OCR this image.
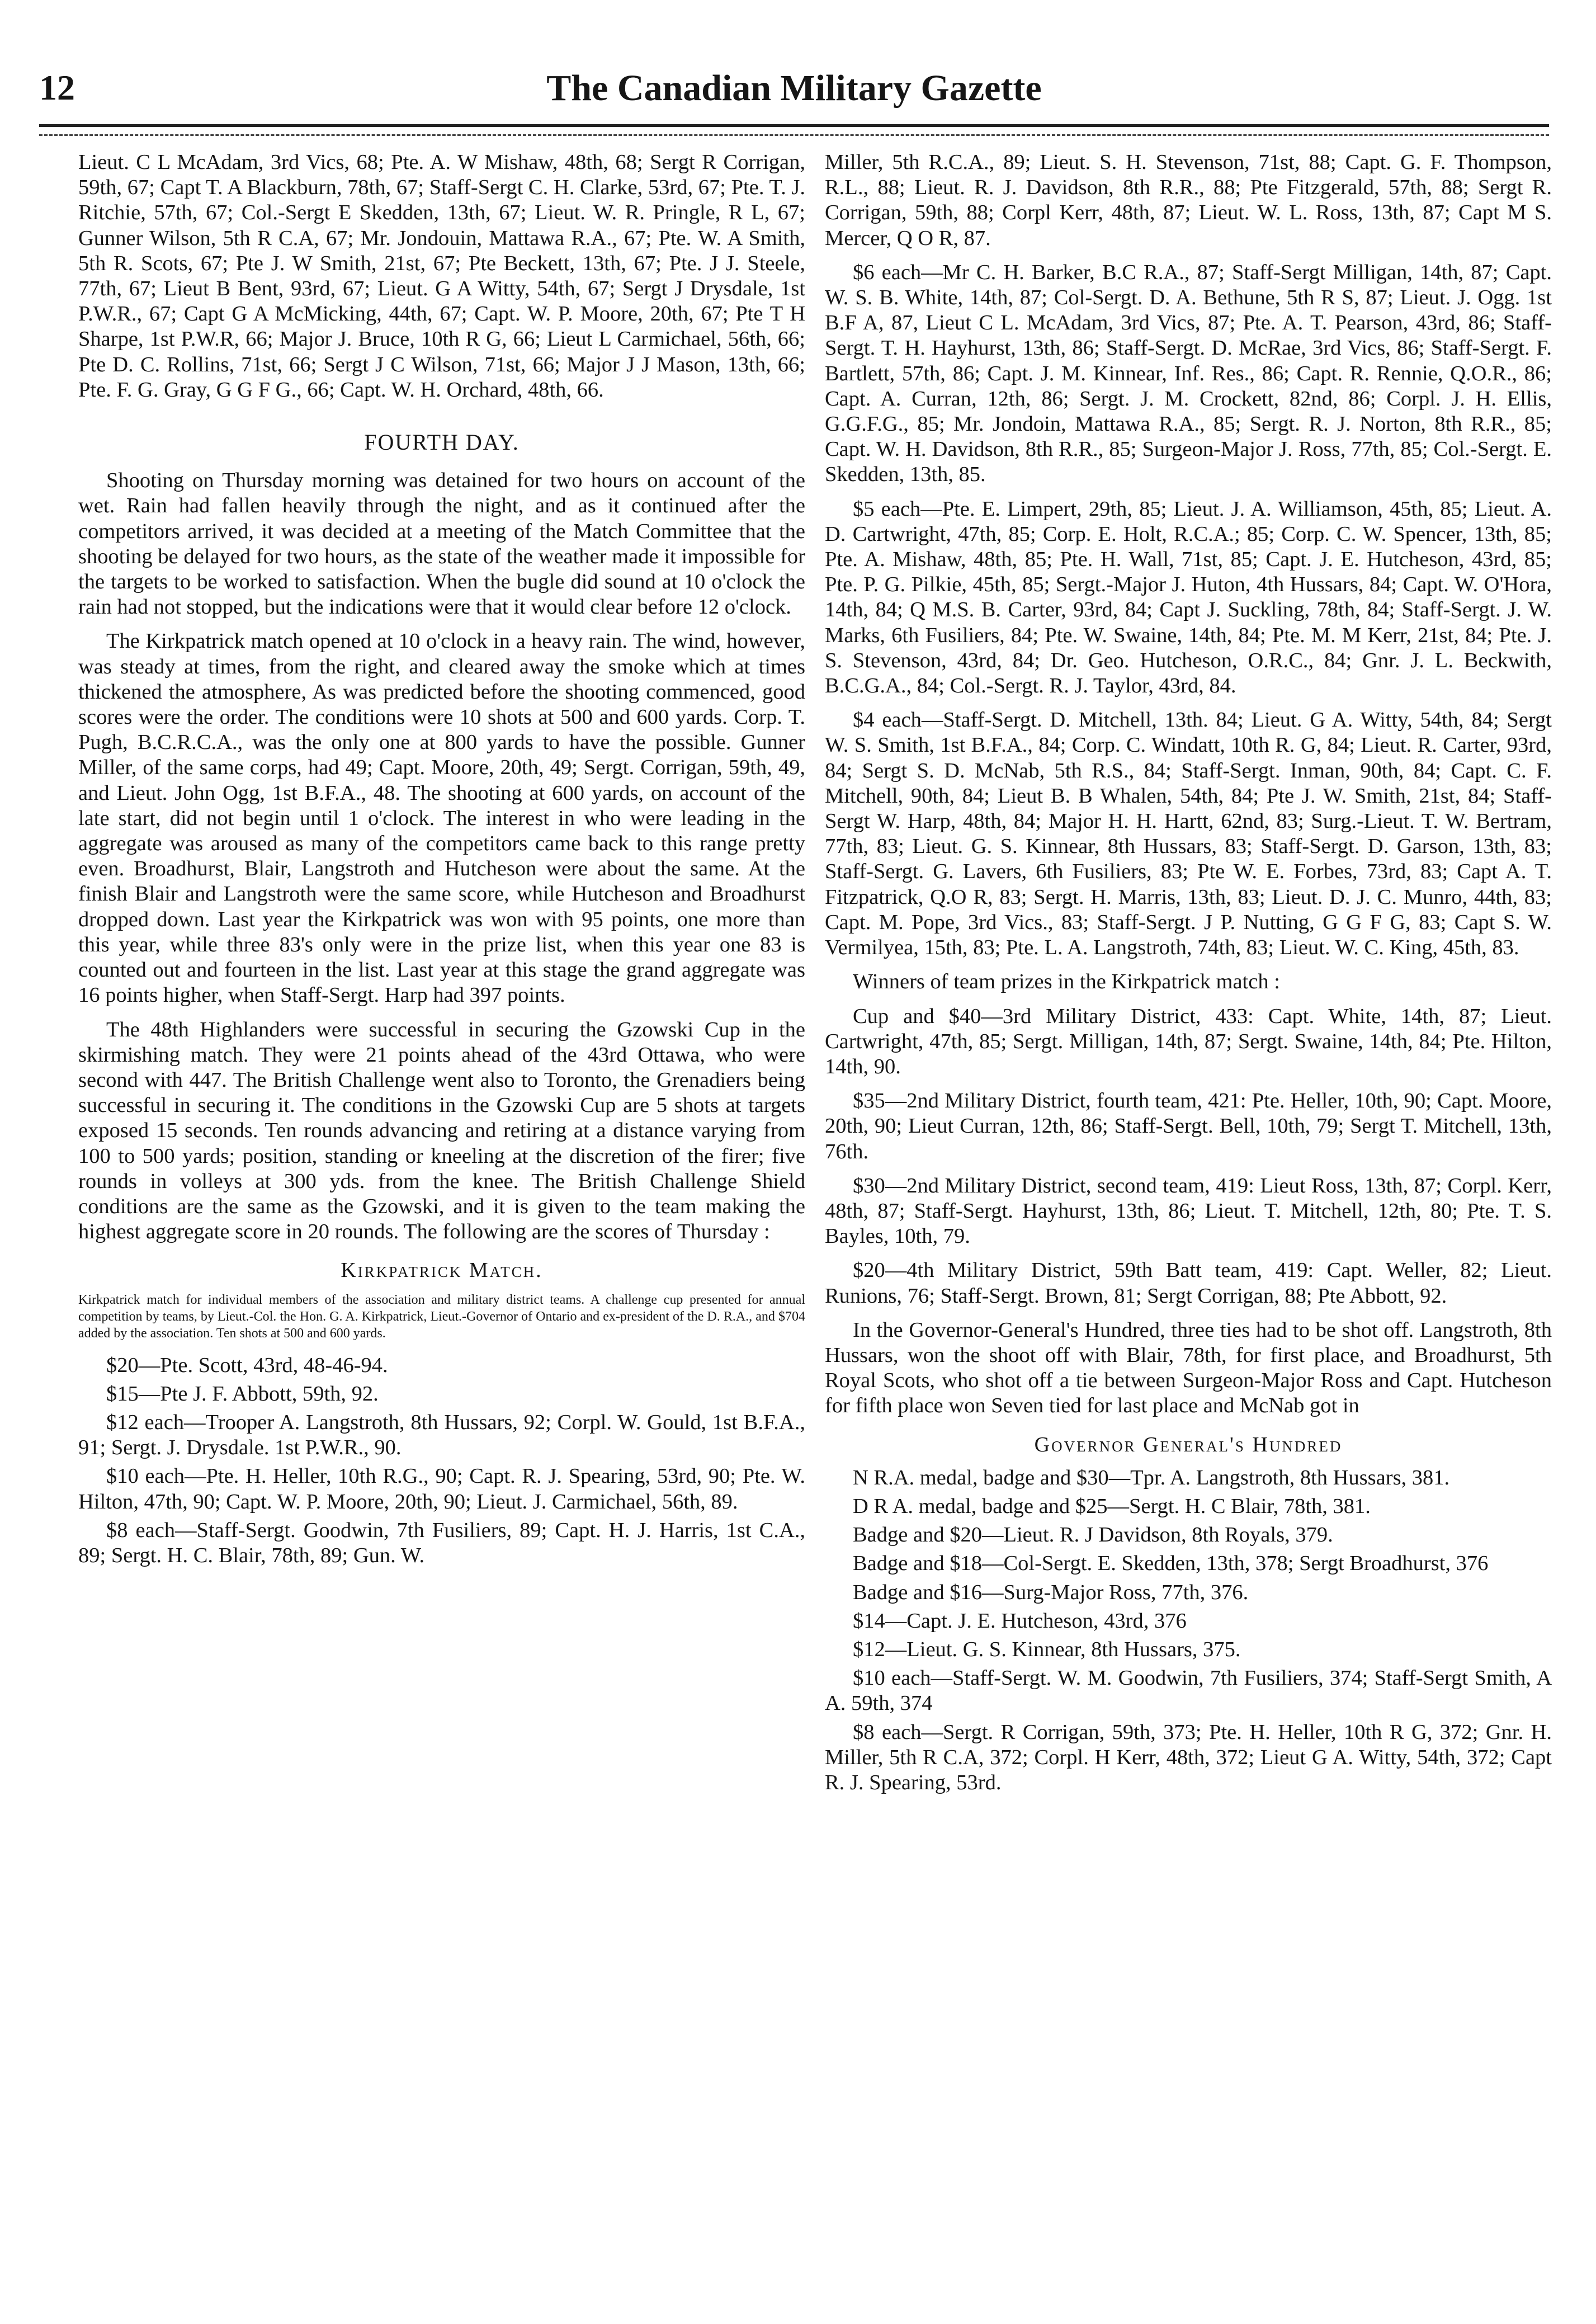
12	The Canadian Military Gazette

Lieut. C L McAdam, 3rd Vics, 68; Pte. A. W Mishaw, 48th, 68; Sergt R Corrigan, 59th, 67; Capt T. A Blackburn, 78th, 67; Staff-Sergt C. H. Clarke, 53rd, 67; Pte. T. J. Ritchie, 57th, 67; Col.-Sergt E Skedden, 13th, 67; Lieut. W. R. Pringle, R L, 67; Gunner Wilson, 5th R C.A, 67; Mr. Jondouin, Mattawa R.A., 67; Pte. W. A Smith, 5th R. Scots, 67; Pte J. W Smith, 21st, 67; Pte Beckett, 13th, 67; Pte. J J. Steele, 77th, 67; Lieut B Bent, 93rd, 67; Lieut. G A Witty, 54th, 67; Sergt J Drysdale, 1st P.W.R., 67; Capt G A McMicking, 44th, 67; Capt. W. P. Moore, 20th, 67; Pte T H Sharpe, 1st P.W.R, 66; Major J. Bruce, 10th R G, 66; Lieut L Carmichael, 56th, 66; Pte D. C. Rollins, 71st, 66; Sergt J C Wilson, 71st, 66; Major J J Mason, 13th, 66; Pte. F. G. Gray, G G F G., 66; Capt. W. H. Orchard, 48th, 66.

FOURTH DAY.

Shooting on Thursday morning was detained for two hours on account of the wet. Rain had fallen heavily through the night, and as it continued after the competitors arrived, it was decided at a meeting of the Match Committee that the shooting be delayed for two hours, as the state of the weather made it impossible for the targets to be worked to satisfaction. When the bugle did sound at 10 o'clock the rain had not stopped, but the indications were that it would clear before 12 o'clock.

The Kirkpatrick match opened at 10 o'clock in a heavy rain. The wind, however, was steady at times, from the right, and cleared away the smoke which at times thickened the atmosphere, As was predicted before the shooting commenced, good scores were the order. The conditions were 10 shots at 500 and 600 yards. Corp. T. Pugh, B.C.R.C.A., was the only one at 800 yards to have the possible. Gunner Miller, of the same corps, had 49; Capt. Moore, 20th, 49; Sergt. Corrigan, 59th, 49, and Lieut. John Ogg, 1st B.F.A., 48. The shooting at 600 yards, on account of the late start, did not begin until 1 o'clock. The interest in who were leading in the aggregate was aroused as many of the competitors came back to this range pretty even. Broadhurst, Blair, Langstroth and Hutcheson were about the same. At the finish Blair and Langstroth were the same score, while Hutcheson and Broadhurst dropped down. Last year the Kirkpatrick was won with 95 points, one more than this year, while three 83's only were in the prize list, when this year one 83 is counted out and fourteen in the list. Last year at this stage the grand aggregate was 16 points higher, when Staff-Sergt. Harp had 397 points.

The 48th Highlanders were successful in securing the Gzowski Cup in the skirmishing match. They were 21 points ahead of the 43rd Ottawa, who were second with 447. The British Challenge went also to Toronto, the Grenadiers being successful in securing it. The conditions in the Gzowski Cup are 5 shots at targets exposed 15 seconds. Ten rounds advancing and retiring at a distance varying from 100 to 500 yards; position, standing or kneeling at the discretion of the firer; five rounds in volleys at 300 yds. from the knee. The British Challenge Shield conditions are the same as the Gzowski, and it is given to the team making the highest aggregate score in 20 rounds. The following are the scores of Thursday :

Kirkpatrick Match.

Kirkpatrick match for individual members of the association and military district teams. A challenge cup presented for annual competition by teams, by Lieut.-Col. the Hon. G. A. Kirkpatrick, Lieut.-Governor of Ontario and ex-president of the D. R.A., and $704 added by the association. Ten shots at 500 and 600 yards.

$20—Pte. Scott, 43rd, 48-46-94.

$15—Pte J. F. Abbott, 59th, 92.

$12 each—Trooper A. Langstroth, 8th Hussars, 92; Corpl. W. Gould, 1st B.F.A., 91; Sergt. J. Drysdale. 1st P.W.R., 90.

$10 each—Pte. H. Heller, 10th R.G., 90; Capt. R. J. Spearing, 53rd, 90; Pte. W. Hilton, 47th, 90; Capt. W. P. Moore, 20th, 90; Lieut. J. Carmichael, 56th, 89.

$8 each—Staff-Sergt. Goodwin, 7th Fusiliers, 89; Capt. H. J. Harris, 1st C.A., 89; Sergt. H. C. Blair, 78th, 89; Gun. W.

Miller, 5th R.C.A., 89; Lieut. S. H. Stevenson, 71st, 88; Capt. G. F. Thompson, R.L., 88; Lieut. R. J. Davidson, 8th R.R., 88; Pte Fitzgerald, 57th, 88; Sergt R. Corrigan, 59th, 88; Corpl Kerr, 48th, 87; Lieut. W. L. Ross, 13th, 87; Capt M S. Mercer, Q O R, 87.

$6 each—Mr C. H. Barker, B.C R.A., 87; Staff-Sergt Milligan, 14th, 87; Capt. W. S. B. White, 14th, 87; Col-Sergt. D. A. Bethune, 5th R S, 87; Lieut. J. Ogg. 1st B.F A, 87, Lieut C L. McAdam, 3rd Vics, 87; Pte. A. T. Pearson, 43rd, 86; Staff-Sergt. T. H. Hayhurst, 13th, 86; Staff-Sergt. D. McRae, 3rd Vics, 86; Staff-Sergt. F. Bartlett, 57th, 86; Capt. J. M. Kinnear, Inf. Res., 86; Capt. R. Rennie, Q.O.R., 86; Capt. A. Curran, 12th, 86; Sergt. J. M. Crockett, 82nd, 86; Corpl. J. H. Ellis, G.G.F.G., 85; Mr. Jondoin, Mattawa R.A., 85; Sergt. R. J. Norton, 8th R.R., 85; Capt. W. H. Davidson, 8th R.R., 85; Surgeon-Major J. Ross, 77th, 85; Col.-Sergt. E. Skedden, 13th, 85.

$5 each—Pte. E. Limpert, 29th, 85; Lieut. J. A. Williamson, 45th, 85; Lieut. A. D. Cartwright, 47th, 85; Corp. E. Holt, R.C.A.; 85; Corp. C. W. Spencer, 13th, 85; Pte. A. Mishaw, 48th, 85; Pte. H. Wall, 71st, 85; Capt. J. E. Hutcheson, 43rd, 85; Pte. P. G. Pilkie, 45th, 85; Sergt.-Major J. Huton, 4th Hussars, 84; Capt. W. O'Hora, 14th, 84; Q M.S. B. Carter, 93rd, 84; Capt J. Suckling, 78th, 84; Staff-Sergt. J. W. Marks, 6th Fusiliers, 84; Pte. W. Swaine, 14th, 84; Pte. M. M Kerr, 21st, 84; Pte. J. S. Stevenson, 43rd, 84; Dr. Geo. Hutcheson, O.R.C., 84; Gnr. J. L. Beckwith, B.C.G.A., 84; Col.-Sergt. R. J. Taylor, 43rd, 84.

$4 each—Staff-Sergt. D. Mitchell, 13th. 84; Lieut. G A. Witty, 54th, 84; Sergt W. S. Smith, 1st B.F.A., 84; Corp. C. Windatt, 10th R. G, 84; Lieut. R. Carter, 93rd, 84; Sergt S. D. McNab, 5th R.S., 84; Staff-Sergt. Inman, 90th, 84; Capt. C. F. Mitchell, 90th, 84; Lieut B. B Whalen, 54th, 84; Pte J. W. Smith, 21st, 84; Staff-Sergt W. Harp, 48th, 84; Major H. H. Hartt, 62nd, 83; Surg.-Lieut. T. W. Bertram, 77th, 83; Lieut. G. S. Kinnear, 8th Hussars, 83; Staff-Sergt. D. Garson, 13th, 83; Staff-Sergt. G. Lavers, 6th Fusiliers, 83; Pte W. E. Forbes, 73rd, 83; Capt A. T. Fitzpatrick, Q.O R, 83; Sergt. H. Marris, 13th, 83; Lieut. D. J. C. Munro, 44th, 83; Capt. M. Pope, 3rd Vics., 83; Staff-Sergt. J P. Nutting, G G F G, 83; Capt S. W. Vermilyea, 15th, 83; Pte. L. A. Langstroth, 74th, 83; Lieut. W. C. King, 45th, 83.

Winners of team prizes in the Kirkpatrick match :

Cup and $40—3rd Military District, 433: Capt. White, 14th, 87; Lieut. Cartwright, 47th, 85; Sergt. Milligan, 14th, 87; Sergt. Swaine, 14th, 84; Pte. Hilton, 14th, 90.

$35—2nd Military District, fourth team, 421: Pte. Heller, 10th, 90; Capt. Moore, 20th, 90; Lieut Curran, 12th, 86; Staff-Sergt. Bell, 10th, 79; Sergt T. Mitchell, 13th, 76th.

$30—2nd Military District, second team, 419: Lieut Ross, 13th, 87; Corpl. Kerr, 48th, 87; Staff-Sergt. Hayhurst, 13th, 86; Lieut. T. Mitchell, 12th, 80; Pte. T. S. Bayles, 10th, 79.

$20—4th Military District, 59th Batt team, 419: Capt. Weller, 82; Lieut. Runions, 76; Staff-Sergt. Brown, 81; Sergt Corrigan, 88; Pte Abbott, 92.

In the Governor-General's Hundred, three ties had to be shot off. Langstroth, 8th Hussars, won the shoot off with Blair, 78th, for first place, and Broadhurst, 5th Royal Scots, who shot off a tie between Surgeon-Major Ross and Capt. Hutcheson for fifth place won Seven tied for last place and McNab got in

Governor General's Hundred

N R.A. medal, badge and $30—Tpr. A. Langstroth, 8th Hussars, 381.

D R A. medal, badge and $25—Sergt. H. C Blair, 78th, 381.

Badge and $20—Lieut. R. J Davidson, 8th Royals, 379.

Badge and $18—Col-Sergt. E. Skedden, 13th, 378; Sergt Broadhurst, 376

Badge and $16—Surg-Major Ross, 77th, 376.

$14—Capt. J. E. Hutcheson, 43rd, 376

$12—Lieut. G. S. Kinnear, 8th Hussars, 375.

$10 each—Staff-Sergt. W. M. Goodwin, 7th Fusiliers, 374; Staff-Sergt Smith, A A. 59th, 374

$8 each—Sergt. R Corrigan, 59th, 373; Pte. H. Heller, 10th R G, 372; Gnr. H. Miller, 5th R C.A, 372; Corpl. H Kerr, 48th, 372; Lieut G A. Witty, 54th, 372; Capt R. J. Spearing, 53rd.
